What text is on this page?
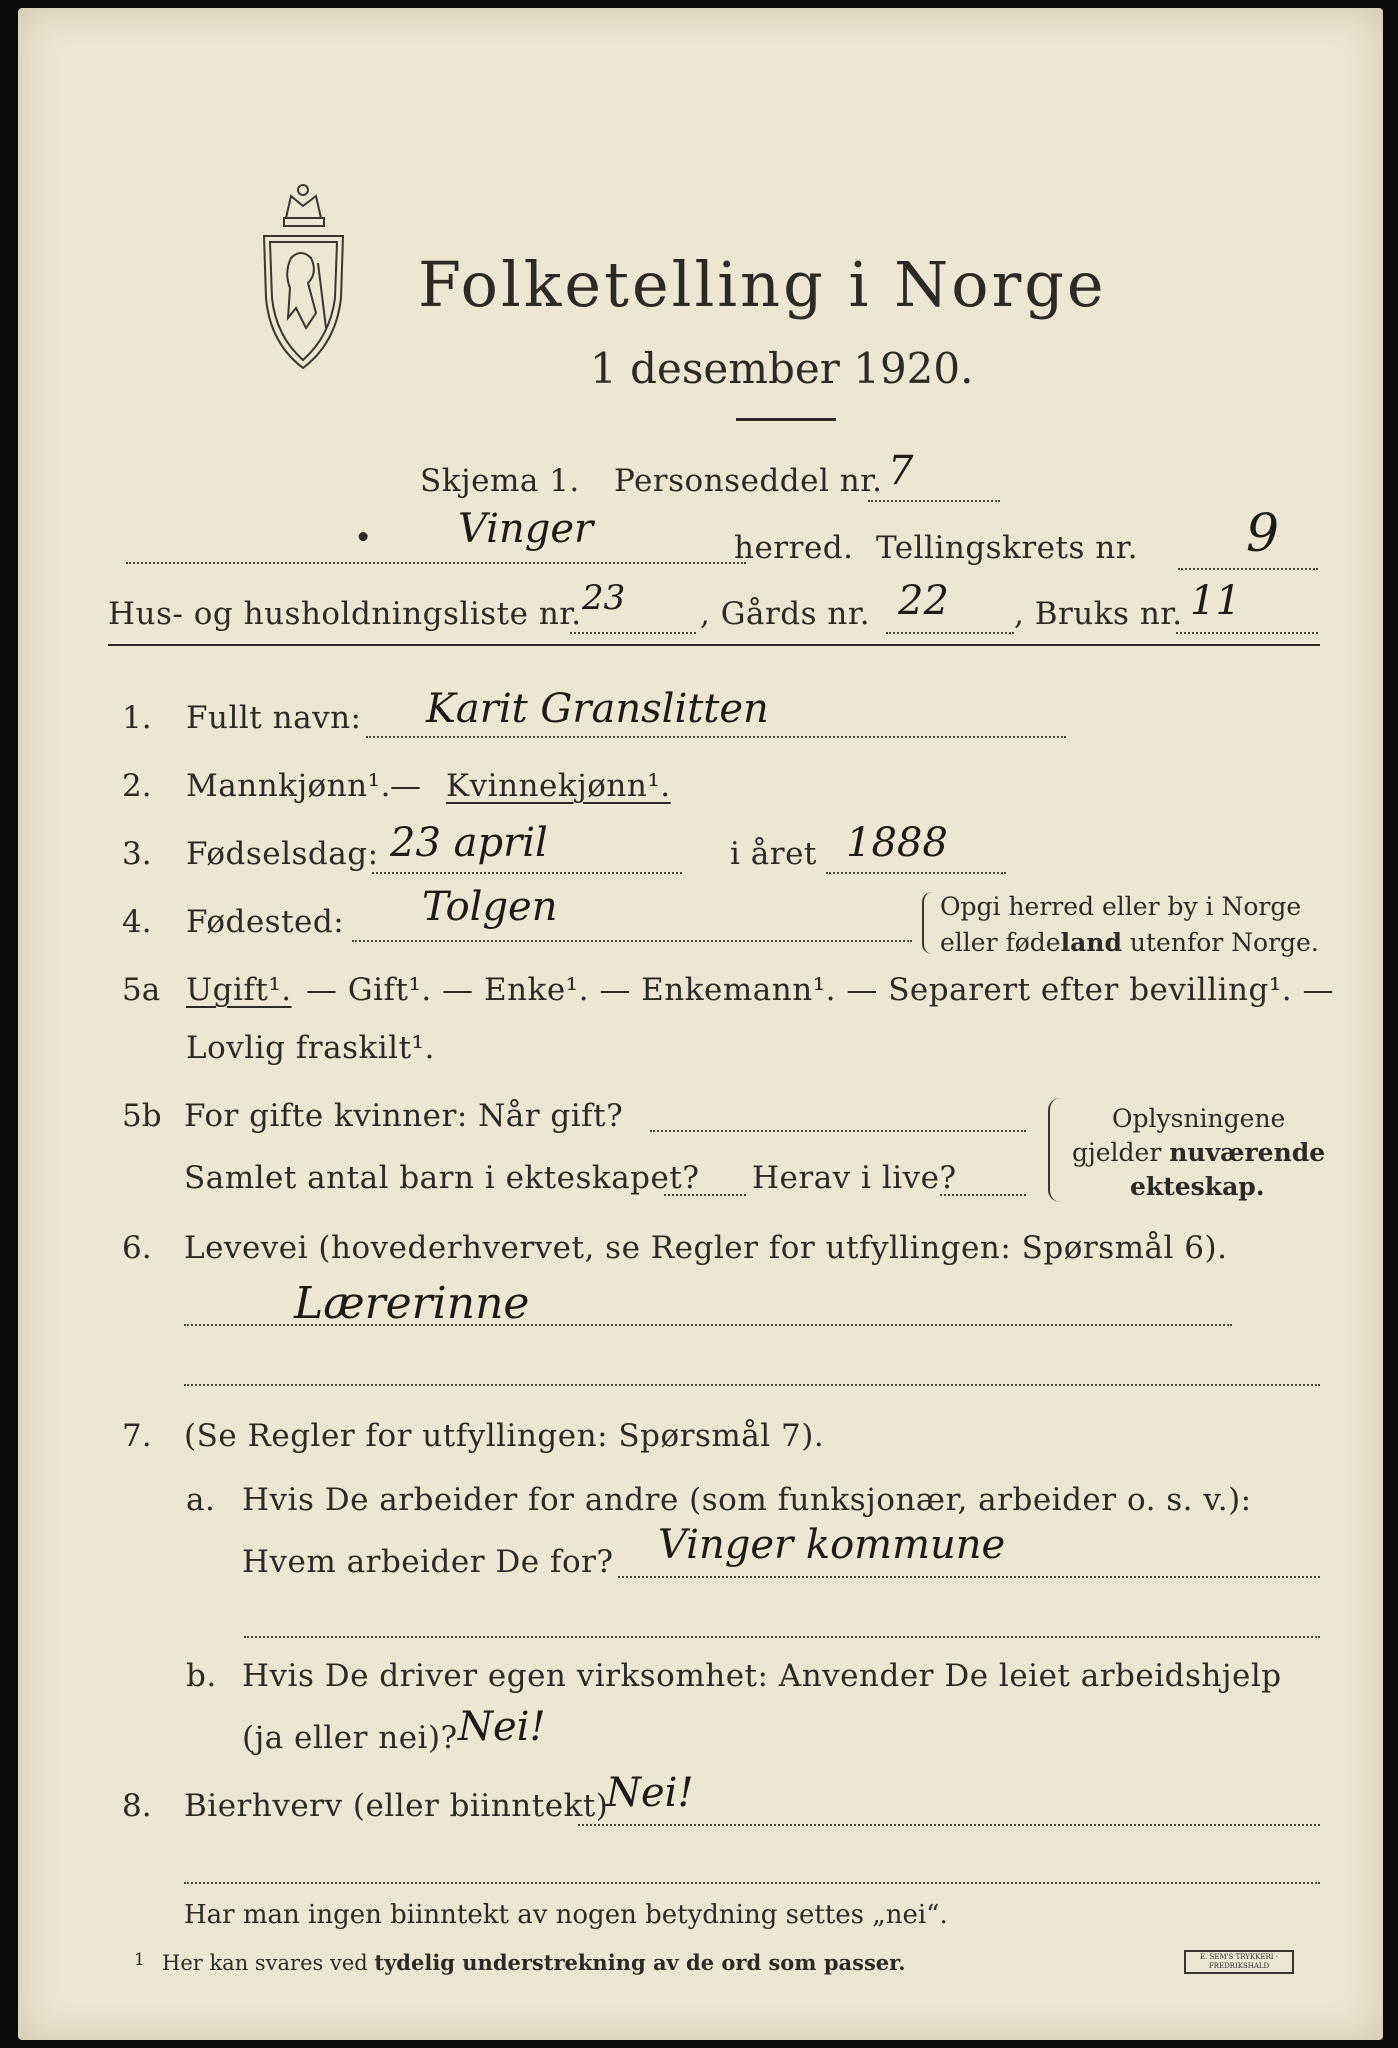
Folketelling i Norge
1 desember 1920.
Skjema 1. Personseddel nr. 7
• Vinger	herred. Tellingskrets nr. 9
Hus- og husholdningsliste nr. 23 , Gårds nr. 22 , Bruks nr. 11
1. Fullt navn: Karit Granslitten
2. Mannkjønn¹. — Kvinnekjønn¹.
3. Fødselsdag: 23 april	i året 1888
4. Fødested: Tolgen	Opgi herred eller by i Norge
eller fødeland utenfor Norge.
5a Ugift¹. — Gift¹. — Enke¹. — Enkemann¹. — Separert efter bevilling¹. —
Lovlig fraskilt¹.
5b For gifte kvinner: Når gift?
Samlet antal barn i ekteskapet? Herav i live?
Oplysningene
gjelder nuværende
ekteskap.
6. Levevei (hovederhvervet, se Regler for utfyllingen: Spørsmål 6).
Lærerinne
7. (Se Regler for utfyllingen: Spørsmål 7).
a. Hvis De arbeider for andre (som funksjonær, arbeider o. s. v.):
Hvem arbeider De for? Vinger kommune
b. Hvis De driver egen virksomhet: Anvender De leiet arbeidshjelp
(ja eller nei)? Nei!
8. Bierhverv (eller biinntekt)
Nei!
Har man ingen biinntekt av nogen betydning settes „nei“.
1 Her kan svares ved tydelig understrekning av de ord som passer.	E. SEM'S TRYKKERI · FREDRIKSHALD
